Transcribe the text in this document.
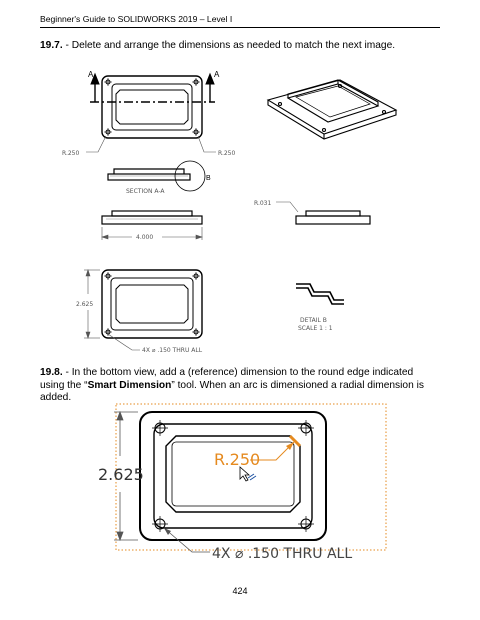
Beginner's Guide to SOLIDWORKS 2019 – Level I
19.7. - Delete and arrange the dimensions as needed to match the next image.
A	A
R.250	R.250
B
SECTION A-A
4.000
R.031
2.625
4X ⌀ .150 THRU ALL
DETAIL B
SCALE 1 : 1
19.8. - In the bottom view, add a (reference) dimension to the round edge indicated using the “Smart Dimension” tool. When an arc is dimensioned a radial dimension is added.
R.250
2.625
4X ⌀ .150 THRU ALL
424
